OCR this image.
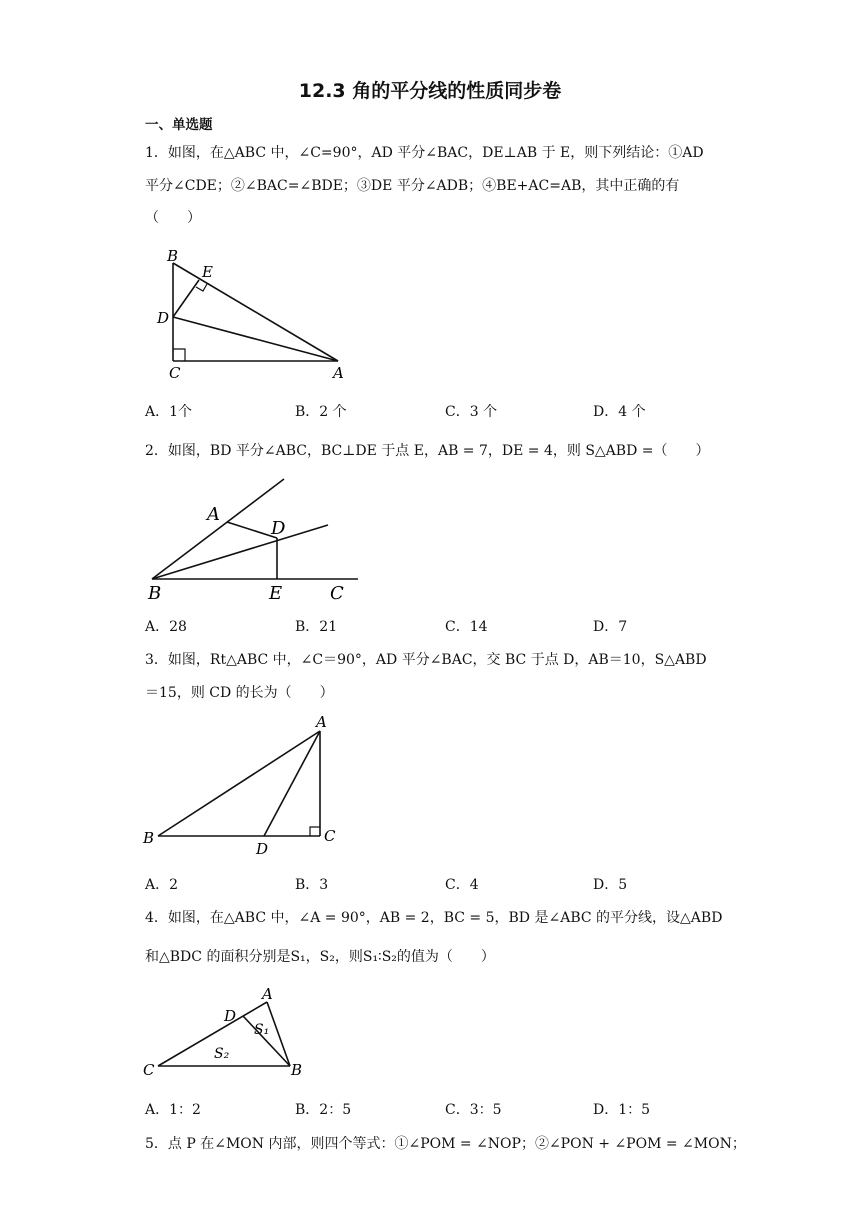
12.3 角的平分线的性质同步卷
一、单选题
1．如图，在△ABC 中，∠C=90°，AD 平分∠BAC，DE⊥AB 于 E，则下列结论：①AD
平分∠CDE；②∠BAC=∠BDE；③DE 平分∠ADB；④BE+AC=AB，其中正确的有
（　　）
B
E
D
C	A
A．1个	B．2 个	C．3 个	D．4 个
2．如图，BD 平分∠ABC，BC⊥DE 于点 E，AB = 7，DE = 4，则 S△ABD =（　　）
A
D
B	E	C
A．28	B．21	C．14	D．7
3．如图，Rt△ABC 中，∠C＝90°，AD 平分∠BAC，交 BC 于点 D，AB＝10，S△ABD
＝15，则 CD 的长为（　　）
A
B
D
C
A．2	B．3	C．4	D．5
4．如图，在△ABC 中，∠A = 90°，AB = 2，BC = 5，BD 是∠ABC 的平分线，设△ABD
和△BDC 的面积分别是S₁，S₂，则S₁∶S₂的值为（　　）
A
D
S₁
S₂
C	B
A．1：2	B．2：5	C．3：5	D．1：5
5．点 P 在∠MON 内部，则四个等式：①∠POM = ∠NOP；②∠PON + ∠POM = ∠MON；
